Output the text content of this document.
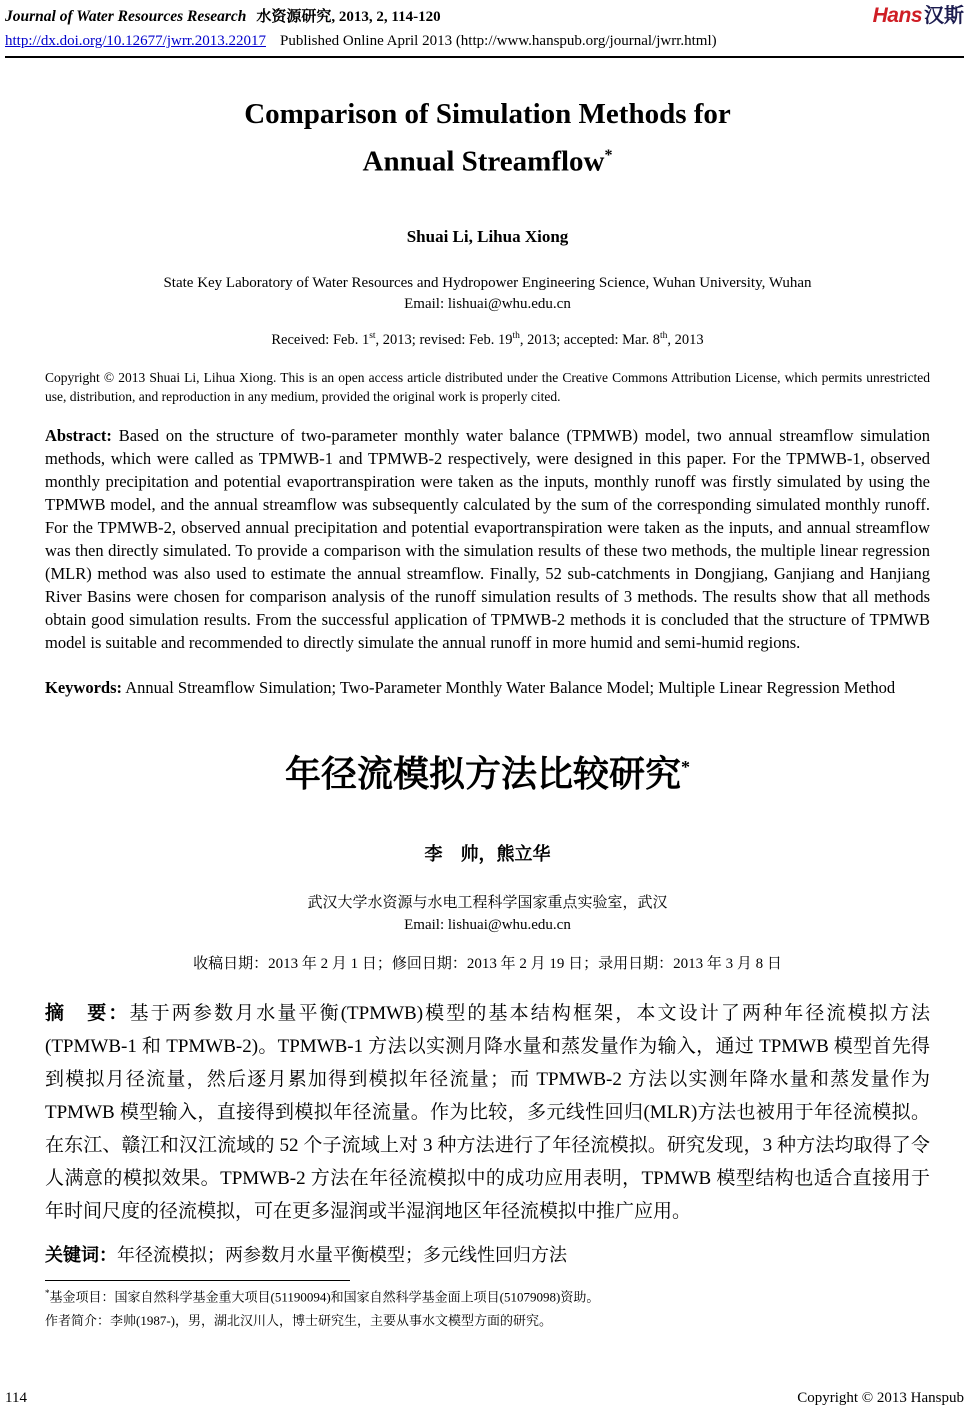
Journal of Water Resources Research 水资源研究, 2013, 2, 114-120	Hans 汉斯
http://dx.doi.org/10.12677/jwrr.2013.22017 Published Online April 2013 (http://www.hanspub.org/journal/jwrr.html)
Comparison of Simulation Methods for
Annual Streamflow*

Shuai Li, Lihua Xiong

State Key Laboratory of Water Resources and Hydropower Engineering Science, Wuhan University, Wuhan
Email: lishuai@whu.edu.cn

Received: Feb. 1st, 2013; revised: Feb. 19th, 2013; accepted: Mar. 8th, 2013

Copyright © 2013 Shuai Li, Lihua Xiong. This is an open access article distributed under the Creative Commons Attribution License, which permits unrestricted use, distribution, and reproduction in any medium, provided the original work is properly cited.

Abstract: Based on the structure of two-parameter monthly water balance (TPMWB) model, two annual streamflow simulation methods, which were called as TPMWB-1 and TPMWB-2 respectively, were designed in this paper. For the TPMWB-1, observed monthly precipitation and potential evaportranspiration were taken as the inputs, monthly runoff was firstly simulated by using the TPMWB model, and the annual streamflow was subsequently calculated by the sum of the corresponding simulated monthly runoff. For the TPMWB-2, observed annual precipitation and potential evaportranspiration were taken as the inputs, and annual streamflow was then directly simulated. To provide a comparison with the simulation results of these two methods, the multiple linear regression (MLR) method was also used to estimate the annual streamflow. Finally, 52 sub-catchments in Dongjiang, Ganjiang and Hanjiang River Basins were chosen for comparison analysis of the runoff simulation results of 3 methods. The results show that all methods obtain good simulation results. From the successful application of TPMWB-2 methods it is concluded that the structure of TPMWB model is suitable and recommended to directly simulate the annual runoff in more humid and semi-humid regions.

Keywords: Annual Streamflow Simulation; Two-Parameter Monthly Water Balance Model; Multiple Linear Regression Method

年径流模拟方法比较研究*

李　帅，熊立华

武汉大学水资源与水电工程科学国家重点实验室，武汉
Email: lishuai@whu.edu.cn

收稿日期：2013 年 2 月 1 日；修回日期：2013 年 2 月 19 日；录用日期：2013 年 3 月 8 日

摘　要：基于两参数月水量平衡(TPMWB)模型的基本结构框架，本文设计了两种年径流模拟方法(TPMWB-1 和 TPMWB-2)。TPMWB-1 方法以实测月降水量和蒸发量作为输入，通过 TPMWB 模型首先得到模拟月径流量，然后逐月累加得到模拟年径流量；而 TPMWB-2 方法以实测年降水量和蒸发量作为 TPMWB 模型输入，直接得到模拟年径流量。作为比较，多元线性回归(MLR)方法也被用于年径流模拟。在东江、赣江和汉江流域的 52 个子流域上对 3 种方法进行了年径流模拟。研究发现，3 种方法均取得了令人满意的模拟效果。TPMWB-2 方法在年径流模拟中的成功应用表明，TPMWB 模型结构也适合直接用于年时间尺度的径流模拟，可在更多湿润或半湿润地区年径流模拟中推广应用。

关键词：年径流模拟；两参数月水量平衡模型；多元线性回归方法

*基金项目：国家自然科学基金重大项目(51190094)和国家自然科学基金面上项目(51079098)资助。

作者简介：李帅(1987-)，男，湖北汉川人，博士研究生，主要从事水文模型方面的研究。

114	Copyright © 2013 Hanspub
